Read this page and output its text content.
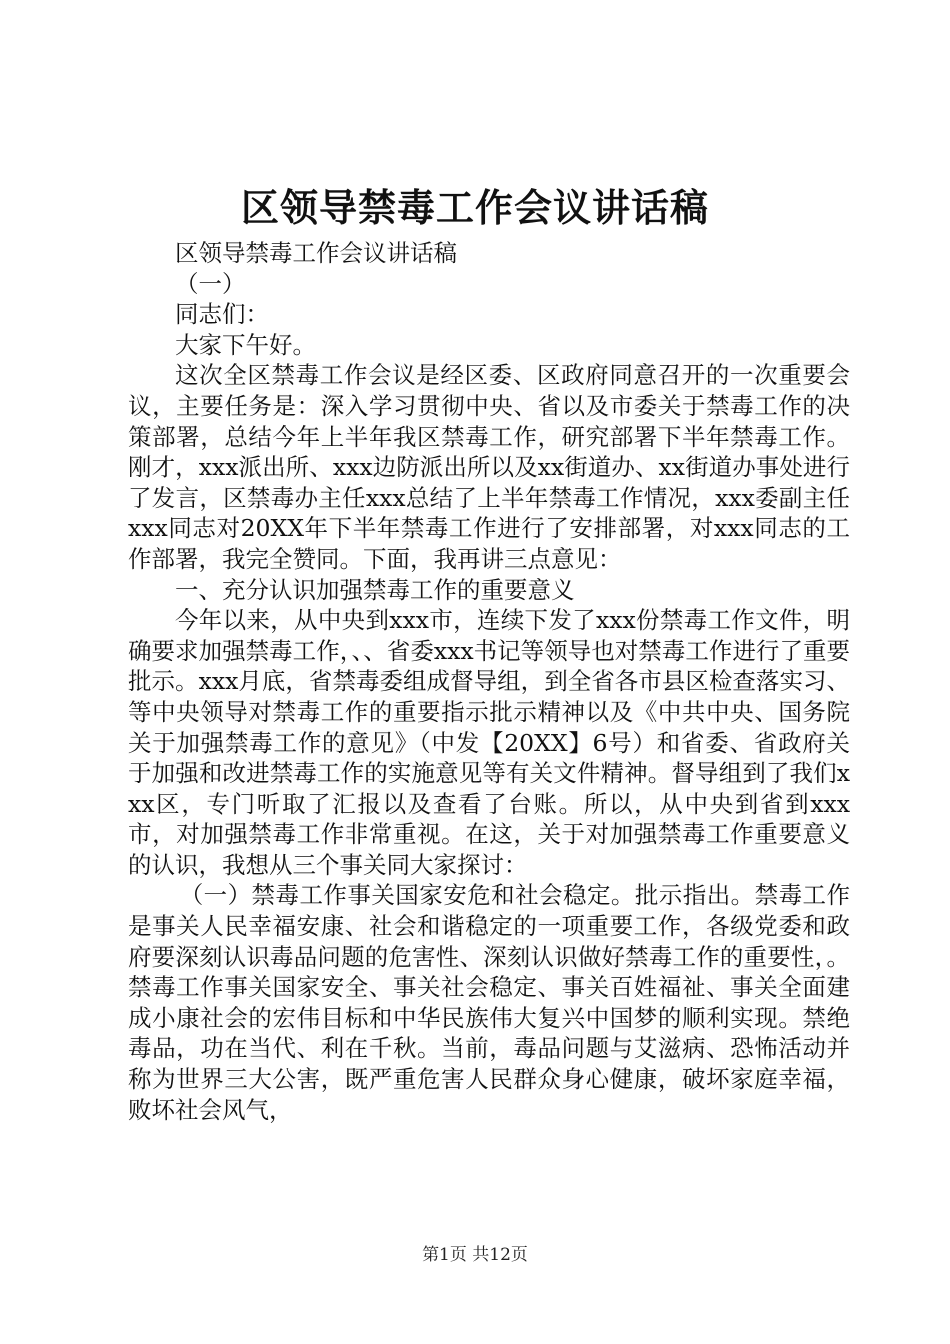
区领导禁毒工作会议讲话稿

区领导禁毒工作会议讲话稿

（一）

同志们：

大家下午好。

这次全区禁毒工作会议是经区委、区政府同意召开的一次重要会议，主要任务是：深入学习贯彻中央、省以及市委关于禁毒工作的决策部署，总结今年上半年我区禁毒工作，研究部署下半年禁毒工作。刚才，xxx派出所、xxx边防派出所以及xx街道办、xx街道办事处进行了发言，区禁毒办主任xxx总结了上半年禁毒工作情况，xxx委副主任xxx同志对20XX年下半年禁毒工作进行了安排部署，对xxx同志的工作部署，我完全赞同。下面，我再讲三点意见：

一、充分认识加强禁毒工作的重要意义

今年以来，从中央到xxx市，连续下发了xxx份禁毒工作文件，明确要求加强禁毒工作，、、省委xxx书记等领导也对禁毒工作进行了重要批示。xxx月底，省禁毒委组成督导组，到全省各市县区检查落实习、等中央领导对禁毒工作的重要指示批示精神以及《中共中央、国务院关于加强禁毒工作的意见》（中发【20XX】6号）和省委、省政府关于加强和改进禁毒工作的实施意见等有关文件精神。督导组到了我们xxx区，专门听取了汇报以及查看了台账。所以，从中央到省到xxx市，对加强禁毒工作非常重视。在这，关于对加强禁毒工作重要意义的认识，我想从三个事关同大家探讨：

（一）禁毒工作事关国家安危和社会稳定。批示指出。禁毒工作是事关人民幸福安康、社会和谐稳定的一项重要工作，各级党委和政府要深刻认识毒品问题的危害性、深刻认识做好禁毒工作的重要性，。禁毒工作事关国家安全、事关社会稳定、事关百姓福祉、事关全面建成小康社会的宏伟目标和中华民族伟大复兴中国梦的顺利实现。禁绝毒品，功在当代、利在千秋。当前，毒品问题与艾滋病、恐怖活动并称为世界三大公害，既严重危害人民群众身心健康，破坏家庭幸福，败坏社会风气，

第1页 共12页
